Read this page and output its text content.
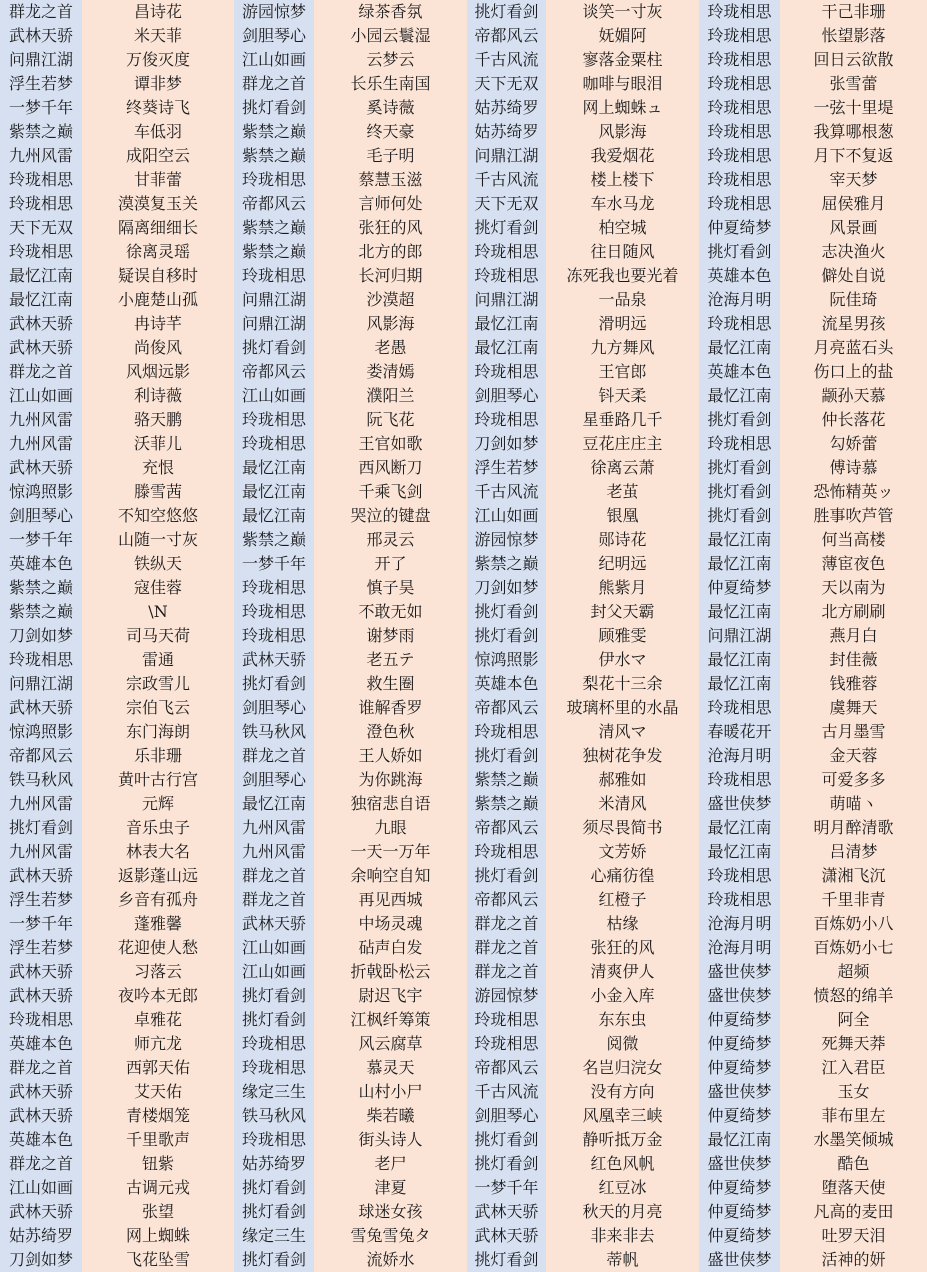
群龙之首
武林天骄
问鼎江湖
浮生若梦
一梦千年
紫禁之巅
九州风雷
玲珑相思
玲珑相思
天下无双
玲珑相思
最忆江南
最忆江南
武林天骄
武林天骄
群龙之首
江山如画
九州风雷
九州风雷
武林天骄
惊鸿照影
剑胆琴心
一梦千年
英雄本色
紫禁之巅
紫禁之巅
刀剑如梦
玲珑相思
问鼎江湖
武林天骄
惊鸿照影
帝都风云
铁马秋风
九州风雷
挑灯看剑
九州风雷
武林天骄
浮生若梦
一梦千年
浮生若梦
武林天骄
武林天骄
玲珑相思
英雄本色
群龙之首
武林天骄
武林天骄
英雄本色
群龙之首
江山如画
武林天骄
姑苏绮罗
刀剑如梦
昌诗花
米天菲
万俊灭度
谭非梦
终葵诗飞
车低羽
成阳空云
甘菲蕾
漠漠复玉关
隔离细细长
徐离灵瑶
疑误自移时
小鹿楚山孤
冉诗芊
尚俊风
风烟远影
利诗薇
骆天鹏
沃菲儿
充恨
滕雪茜
不知空悠悠
山随一寸灰
铁纵天
寇佳蓉
\N
司马天荷
雷通
宗政雪儿
宗伯飞云
东门海朗
乐非珊
黄叶古行宫
元辉
音乐虫子
林表大名
返影蓬山远
乡音有孤舟
蓬雅馨
花迎使人愁
习落云
夜吟本无郎
卓雅花
师亢龙
西郭天佑
艾天佑
青楼烟笼
千里歌声
钮紫
古调元戎
张望
网上蜘蛛
飞花坠雪
游园惊梦
剑胆琴心
江山如画
群龙之首
挑灯看剑
紫禁之巅
紫禁之巅
玲珑相思
帝都风云
紫禁之巅
紫禁之巅
玲珑相思
问鼎江湖
问鼎江湖
挑灯看剑
帝都风云
江山如画
玲珑相思
玲珑相思
最忆江南
最忆江南
最忆江南
紫禁之巅
一梦千年
玲珑相思
玲珑相思
玲珑相思
武林天骄
挑灯看剑
剑胆琴心
铁马秋风
群龙之首
剑胆琴心
最忆江南
九州风雷
九州风雷
群龙之首
群龙之首
武林天骄
江山如画
江山如画
挑灯看剑
挑灯看剑
玲珑相思
玲珑相思
缘定三生
铁马秋风
玲珑相思
姑苏绮罗
挑灯看剑
挑灯看剑
缘定三生
挑灯看剑
绿茶香氛
小园云鬟湿
云梦云
长乐生南国
奚诗薇
终天豪
毛子明
蔡慧玉滋
言师何处
张狂的风
北方的郎
长河归期
沙漠超
风影海
老愚
娄清嫣
濮阳兰
阮飞花
王官如歌
西风断刀
千乘飞剑
哭泣的键盘
邢灵云
开了
慎子昊
不敢无如
谢梦雨
老五テ
救生圈
谁解香罗
澄色秋
王人娇如
为你跳海
独宿悲自语
九眼
一天一万年
余响空自知
再见西城
中场灵魂
砧声白发
折戟卧松云
尉迟飞宇
江枫纤筹策
风云腐草
慕灵天
山村小尸
柴若曦
街头诗人
老尸
津夏
球迷女孩
雪兔雪兔タ
流娇水
挑灯看剑
帝都风云
千古风流
天下无双
姑苏绮罗
姑苏绮罗
问鼎江湖
千古风流
天下无双
挑灯看剑
玲珑相思
玲珑相思
问鼎江湖
最忆江南
最忆江南
玲珑相思
剑胆琴心
玲珑相思
刀剑如梦
浮生若梦
千古风流
江山如画
游园惊梦
紫禁之巅
刀剑如梦
挑灯看剑
挑灯看剑
惊鸿照影
英雄本色
帝都风云
玲珑相思
挑灯看剑
紫禁之巅
紫禁之巅
帝都风云
玲珑相思
挑灯看剑
帝都风云
群龙之首
群龙之首
群龙之首
游园惊梦
玲珑相思
玲珑相思
帝都风云
千古风流
剑胆琴心
挑灯看剑
挑灯看剑
一梦千年
武林天骄
武林天骄
挑灯看剑
谈笑一寸灰
妩媚阿
寥落金粟柱
咖啡与眼泪
网上蜘蛛ュ
风影海
我爱烟花
楼上楼下
车水马龙
柏空城
往日随风
冻死我也要光着
一品泉
滑明远
九方舞风
王官郎
钭天柔
星垂路几千
豆花庄庄主
徐离云萧
老茧
银凰
郧诗花
纪明远
熊紫月
封父天霸
顾雅雯
伊水マ
梨花十三余
玻璃杯里的水晶
清风マ
独树花争发
郝雅如
米清风
须尽畏简书
文芳娇
心痛彷徨
红橙子
枯缘
张狂的风
清爽伊人
小金入库
东东虫
阅微
名岂归浣女
没有方向
风凰幸三峡
静听抵万金
红色风帆
红豆冰
秋天的月亮
非来非去
蒂帆
玲珑相思
玲珑相思
玲珑相思
玲珑相思
玲珑相思
玲珑相思
玲珑相思
玲珑相思
玲珑相思
仲夏绮梦
挑灯看剑
英雄本色
沧海月明
玲珑相思
最忆江南
英雄本色
最忆江南
挑灯看剑
玲珑相思
挑灯看剑
挑灯看剑
挑灯看剑
最忆江南
最忆江南
仲夏绮梦
最忆江南
问鼎江湖
最忆江南
最忆江南
玲珑相思
春暖花开
沧海月明
玲珑相思
盛世侠梦
最忆江南
最忆江南
玲珑相思
玲珑相思
沧海月明
沧海月明
盛世侠梦
盛世侠梦
仲夏绮梦
仲夏绮梦
仲夏绮梦
盛世侠梦
仲夏绮梦
最忆江南
盛世侠梦
仲夏绮梦
仲夏绮梦
仲夏绮梦
盛世侠梦
干己非珊
怅望影落
回日云欲散
张雪蕾
一弦十里堤
我算哪根葱
月下不复返
宰天梦
屈侯雅月
风景画
志决渔火
僻处自说
阮佳琦
流星男孩
月亮蓝石头
伤口上的盐
颛孙天慕
仲长落花
勾娇蕾
傅诗慕
恐怖精英ッ
胜事吹芦管
何当高楼
薄宦夜色
天以南为
北方刷刷
燕月白
封佳薇
钱雅蓉
虞舞天
古月墨雪
金天蓉
可爱多多
萌喵ヽ
明月醉清歌
吕清梦
潇湘飞沉
千里非青
百炼奶小八
百炼奶小七
超频
愤怒的绵羊
阿全
死舞天莽
江入君臣
玉女
菲布里左
水墨笑倾城
酷色
堕落天使
凡高的麦田
吐罗天泪
活神的妍
